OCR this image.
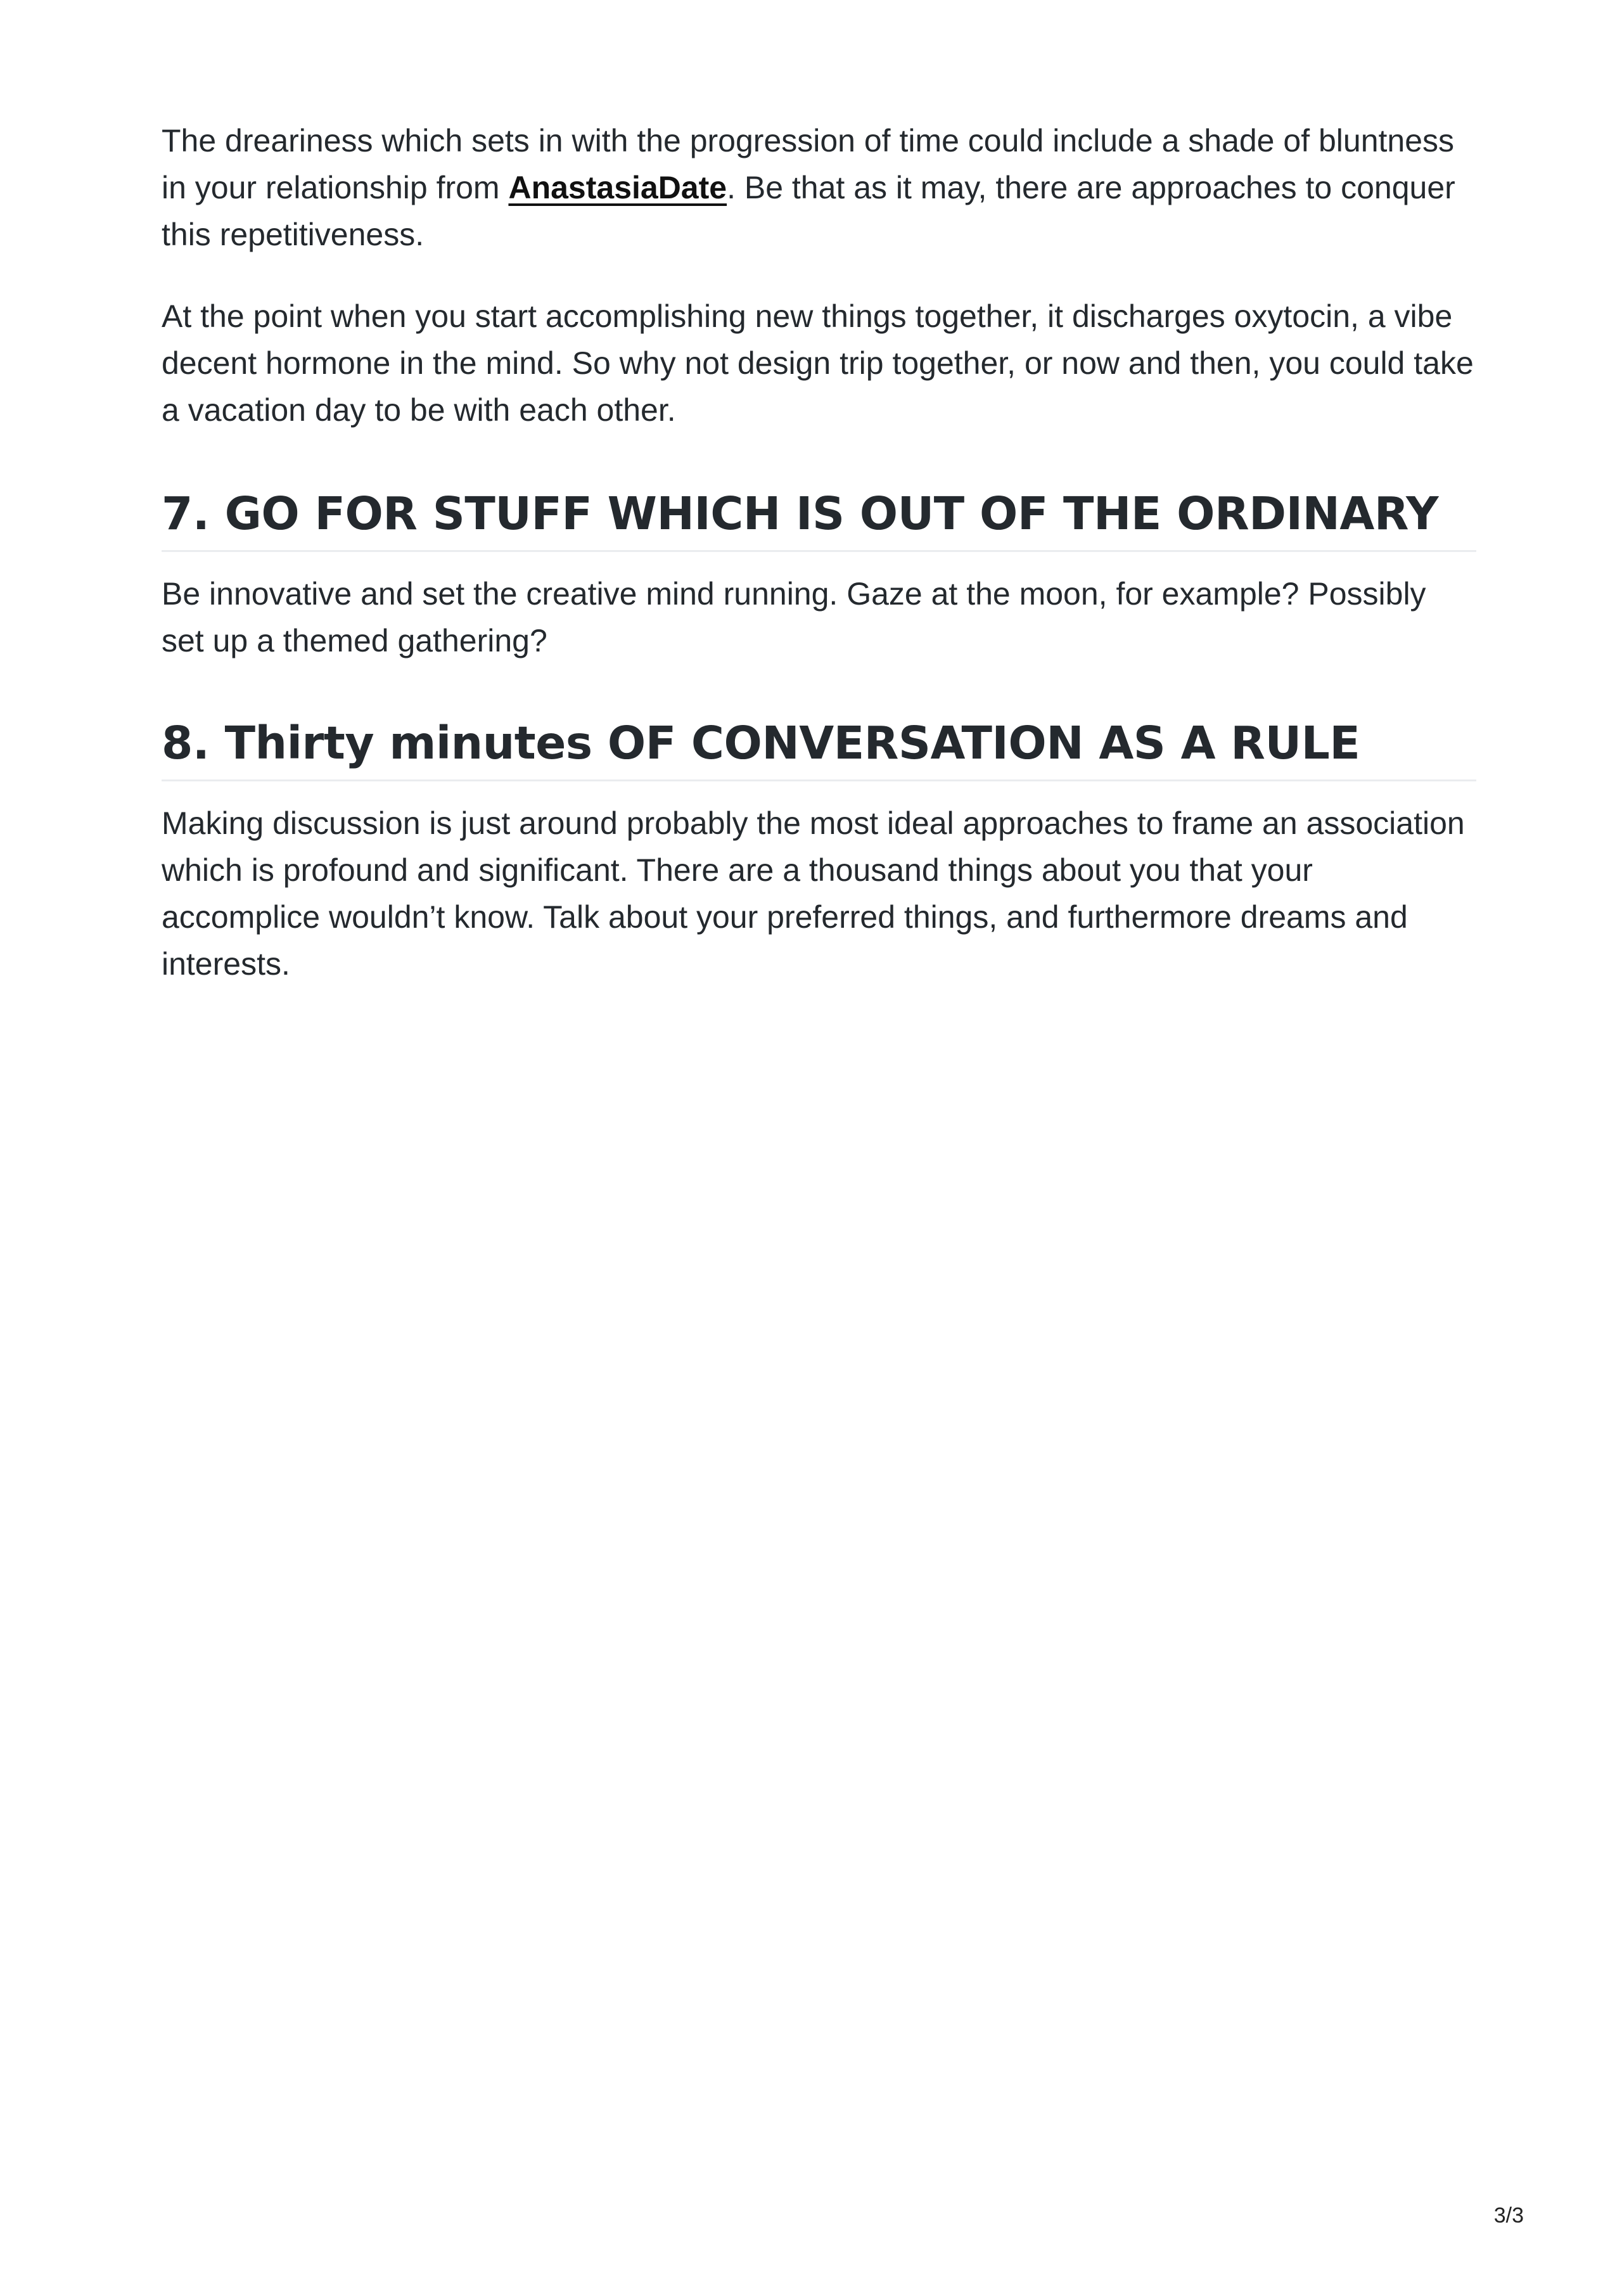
The dreariness which sets in with the progression of time could include a shade of bluntness in your relationship from AnastasiaDate. Be that as it may, there are approaches to conquer this repetitiveness.

At the point when you start accomplishing new things together, it discharges oxytocin, a vibe decent hormone in the mind. So why not design trip together, or now and then, you could take a vacation day to be with each other.

7. GO FOR STUFF WHICH IS OUT OF THE ORDINARY

Be innovative and set the creative mind running. Gaze at the moon, for example? Possibly set up a themed gathering?

8. Thirty minutes OF CONVERSATION AS A RULE

Making discussion is just around probably the most ideal approaches to frame an association which is profound and significant. There are a thousand things about you that your accomplice wouldn’t know. Talk about your preferred things, and furthermore dreams and interests.

3/3
